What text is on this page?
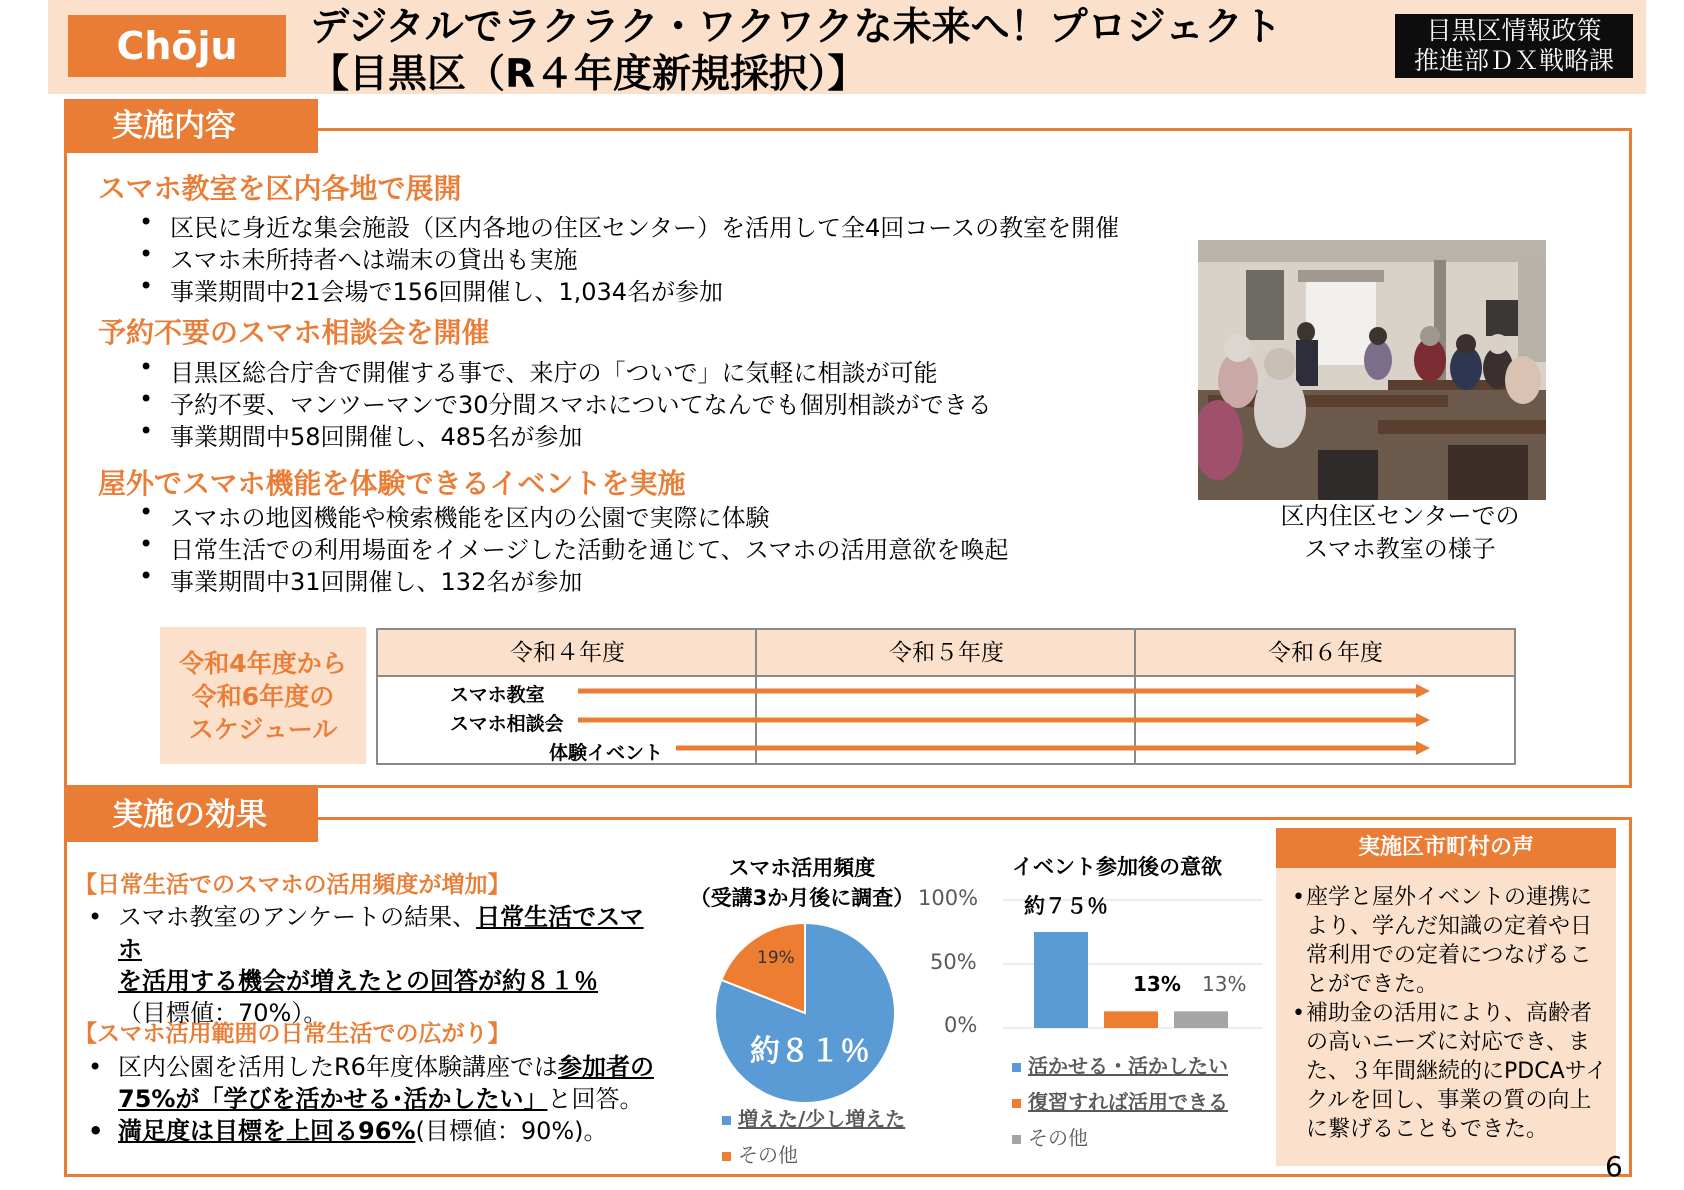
Chōju	デジタルでラクラク・ワクワクな未来へ！プロジェクト
【目黒区（R４年度新規採択）】
目黒区情報政策
推進部ＤＸ戦略課
実施内容
スマホ教室を区内各地で展開
• 区民に身近な集会施設（区内各地の住区センター）を活用して全4回コースの教室を開催
• スマホ未所持者へは端末の貸出も実施
• 事業期間中21会場で156回開催し、1,034名が参加
予約不要のスマホ相談会を開催
• 目黒区総合庁舎で開催する事で、来庁の「ついで」に気軽に相談が可能
• 予約不要、マンツーマンで30分間スマホについてなんでも個別相談ができる
• 事業期間中58回開催し、485名が参加
屋外でスマホ機能を体験できるイベントを実施
• スマホの地図機能や検索機能を区内の公園で実際に体験
• 日常生活での利用場面をイメージした活動を通じて、スマホの活用意欲を喚起
• 事業期間中31回開催し、132名が参加
区内住区センターでの
スマホ教室の様子
令和4年度から
令和6年度の
スケジュール
令和４年度	令和５年度	令和６年度
スマホ教室
スマホ相談会
体験イベント
実施の効果
【日常生活でのスマホの活用頻度が増加】
• スマホ教室のアンケートの結果、日常生活でスマホ
を活用する機会が増えたとの回答が約８１％
（目標値：70%）。
【スマホ活用範囲の日常生活での広がり】
• 区内公園を活用したR6年度体験講座では参加者の
75%が「学びを活かせる･活かしたい」と回答。

• 満足度は目標を上回る96%(目標値：90%)。
スマホ活用頻度
（受講3か月後に調査）
約８１％
19%
増えた/少し増えた
その他
イベント参加後の意欲
100%
50%
0%
約７５％
13% 13%
活かせる・活かしたい
復習すれば活用できる
その他
実施区市町村の声
• 座学と屋外イベントの連携により、学んだ知識の定着や日常利用での定着につなげることができた。
• 補助金の活用により、高齢者の高いニーズに対応でき、また、３年間継続的にPDCAサイクルを回し、事業の質の向上に繋げることもできた。
6
